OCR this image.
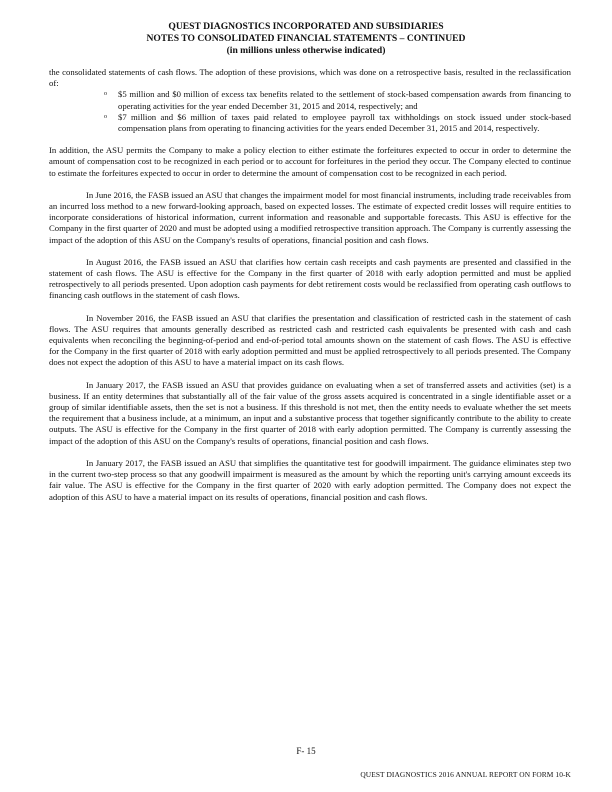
QUEST DIAGNOSTICS INCORPORATED AND SUBSIDIARIES
NOTES TO CONSOLIDATED FINANCIAL STATEMENTS – CONTINUED
(in millions unless otherwise indicated)

the consolidated statements of cash flows. The adoption of these provisions, which was done on a retrospective basis, resulted in the reclassification of:

o $5 million and $0 million of excess tax benefits related to the settlement of stock-based compensation awards from financing to operating activities for the year ended December 31, 2015 and 2014, respectively; and
o $7 million and $6 million of taxes paid related to employee payroll tax withholdings on stock issued under stock-based compensation plans from operating to financing activities for the years ended December 31, 2015 and 2014, respectively.

In addition, the ASU permits the Company to make a policy election to either estimate the forfeitures expected to occur in order to determine the amount of compensation cost to be recognized in each period or to account for forfeitures in the period they occur. The Company elected to continue to estimate the forfeitures expected to occur in order to determine the amount of compensation cost to be recognized in each period.

In June 2016, the FASB issued an ASU that changes the impairment model for most financial instruments, including trade receivables from an incurred loss method to a new forward-looking approach, based on expected losses. The estimate of expected credit losses will require entities to incorporate considerations of historical information, current information and reasonable and supportable forecasts. This ASU is effective for the Company in the first quarter of 2020 and must be adopted using a modified retrospective transition approach. The Company is currently assessing the impact of the adoption of this ASU on the Company's results of operations, financial position and cash flows.

In August 2016, the FASB issued an ASU that clarifies how certain cash receipts and cash payments are presented and classified in the statement of cash flows. The ASU is effective for the Company in the first quarter of 2018 with early adoption permitted and must be applied retrospectively to all periods presented. Upon adoption cash payments for debt retirement costs would be reclassified from operating cash outflows to financing cash outflows in the statement of cash flows.

In November 2016, the FASB issued an ASU that clarifies the presentation and classification of restricted cash in the statement of cash flows. The ASU requires that amounts generally described as restricted cash and restricted cash equivalents be presented with cash and cash equivalents when reconciling the beginning-of-period and end-of-period total amounts shown on the statement of cash flows. The ASU is effective for the Company in the first quarter of 2018 with early adoption permitted and must be applied retrospectively to all periods presented. The Company does not expect the adoption of this ASU to have a material impact on its cash flows.

In January 2017, the FASB issued an ASU that provides guidance on evaluating when a set of transferred assets and activities (set) is a business. If an entity determines that substantially all of the fair value of the gross assets acquired is concentrated in a single identifiable asset or a group of similar identifiable assets, then the set is not a business. If this threshold is not met, then the entity needs to evaluate whether the set meets the requirement that a business include, at a minimum, an input and a substantive process that together significantly contribute to the ability to create outputs. The ASU is effective for the Company in the first quarter of 2018 with early adoption permitted. The Company is currently assessing the impact of the adoption of this ASU on the Company's results of operations, financial position and cash flows.

In January 2017, the FASB issued an ASU that simplifies the quantitative test for goodwill impairment. The guidance eliminates step two in the current two-step process so that any goodwill impairment is measured as the amount by which the reporting unit's carrying amount exceeds its fair value. The ASU is effective for the Company in the first quarter of 2020 with early adoption permitted. The Company does not expect the adoption of this ASU to have a material impact on its results of operations, financial position and cash flows.

F- 15
QUEST DIAGNOSTICS 2016 ANNUAL REPORT ON FORM 10-K
